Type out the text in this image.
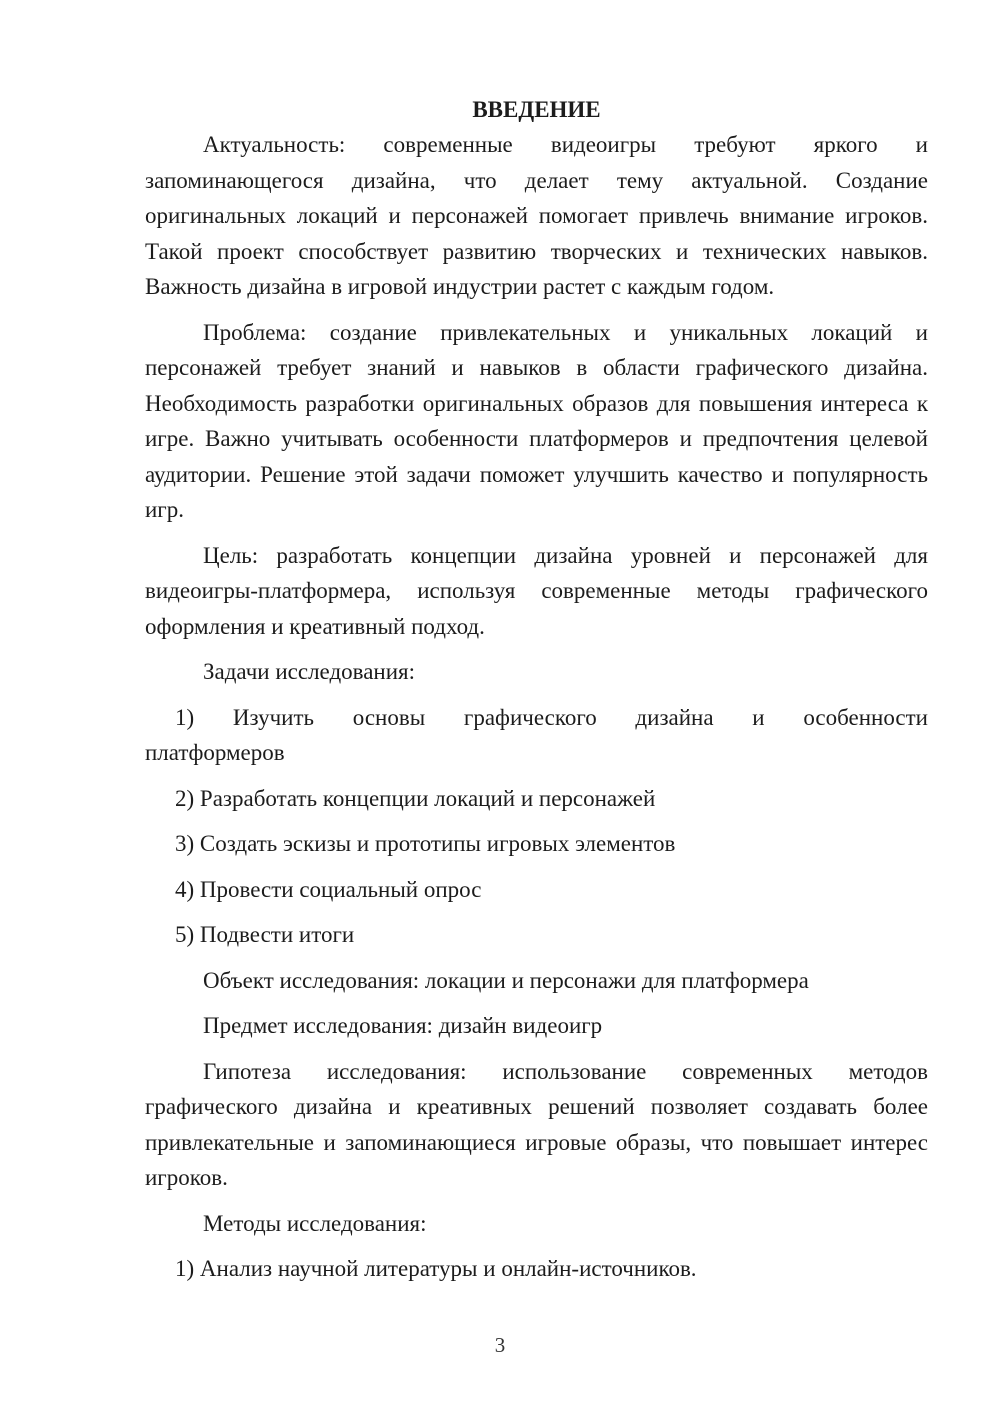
ВВЕДЕНИЕ

Актуальность: современные видеоигры требуют яркого и запоминающегося дизайна, что делает тему актуальной. Создание оригинальных локаций и персонажей помогает привлечь внимание игроков. Такой проект способствует развитию творческих и технических навыков. Важность дизайна в игровой индустрии растет с каждым годом.

Проблема: создание привлекательных и уникальных локаций и персонажей требует знаний и навыков в области графического дизайна. Необходимость разработки оригинальных образов для повышения интереса к игре. Важно учитывать особенности платформеров и предпочтения целевой аудитории. Решение этой задачи поможет улучшить качество и популярность игр.

Цель: разработать концепции дизайна уровней и персонажей для видеоигры-платформера, используя современные методы графического оформления и креативный подход.

Задачи исследования:

1) Изучить основы графического дизайна и особенности
платформеров

2) Разработать концепции локаций и персонажей

3) Создать эскизы и прототипы игровых элементов

4) Провести социальный опрос

5) Подвести итоги

Объект исследования: локации и персонажи для платформера

Предмет исследования: дизайн видеоигр

Гипотеза исследования: использование современных методов графического дизайна и креативных решений позволяет создавать более привлекательные и запоминающиеся игровые образы, что повышает интерес игроков.

Методы исследования:

1) Анализ научной литературы и онлайн-источников.

3
